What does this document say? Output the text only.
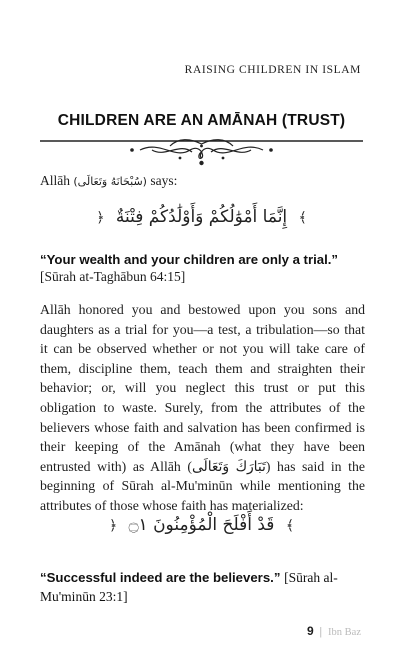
RAISING CHILDREN IN ISLAM
CHILDREN ARE AN AMĀNAH (TRUST)
Allāh (سُبْحَانَهُ وَتَعَالَى) says:
﴿ إِنَّمَا أَمْوَٰلُكُمْ وَأَوْلَٰدُكُمْ فِتْنَةٌ ﴾
“Your wealth and your children are only a trial.”
[Sūrah at-Taghābun 64:15]
Allāh honored you and bestowed upon you sons and daughters as a trial for you—a test, a tribulation—so that it can be observed whether or not you will take care of them, discipline them, teach them and straighten their behavior; or, will you neglect this trust or put this obligation to waste. Surely, from the attributes of the believers whose faith and salvation has been confirmed is their keeping of the Amānah (what they have been entrusted with) as Allāh (تَبَارَكَ وَتَعَالَى) has said in the beginning of Sūrah al-Mu'minūn while mentioning the attributes of those whose faith has materialized:
﴿ قَدْ أَفْلَحَ الْمُؤْمِنُونَ ۝١ ﴾
“Successful indeed are the believers.” [Sūrah al-Mu'minūn 23:1]
9 | Ibn Baz
